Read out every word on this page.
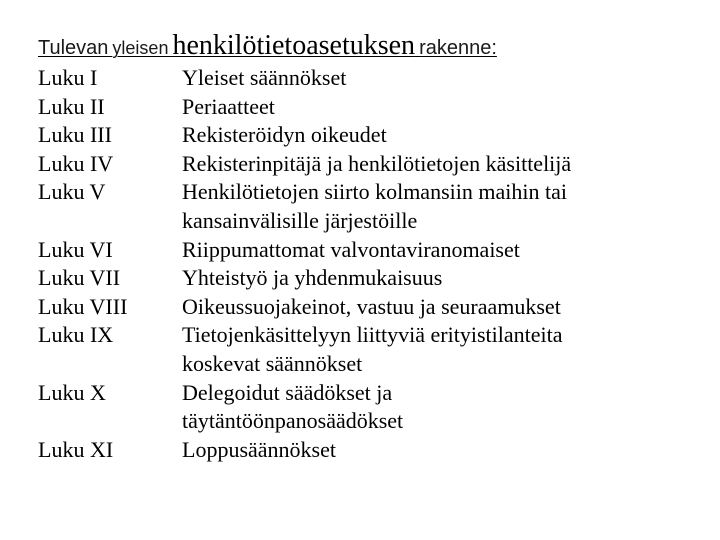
Tulevan yleisen henkilötietoasetuksen rakenne:
Luku I	Yleiset säännökset
Luku II	Periaatteet
Luku III	Rekisteröidyn oikeudet
Luku IV	Rekisterinpitäjä ja henkilötietojen käsittelijä
Luku V	Henkilötietojen siirto kolmansiin maihin tai
kansainvälisille järjestöille
Luku VI	Riippumattomat valvontaviranomaiset
Luku VII	Yhteistyö ja yhdenmukaisuus
Luku VIII	Oikeussuojakeinot, vastuu ja seuraamukset
Luku IX	Tietojenkäsittelyyn liittyviä erityistilanteita
koskevat säännökset
Luku X	Delegoidut säädökset ja
täytäntöönpanosäädökset
Luku XI	Loppusäännökset
